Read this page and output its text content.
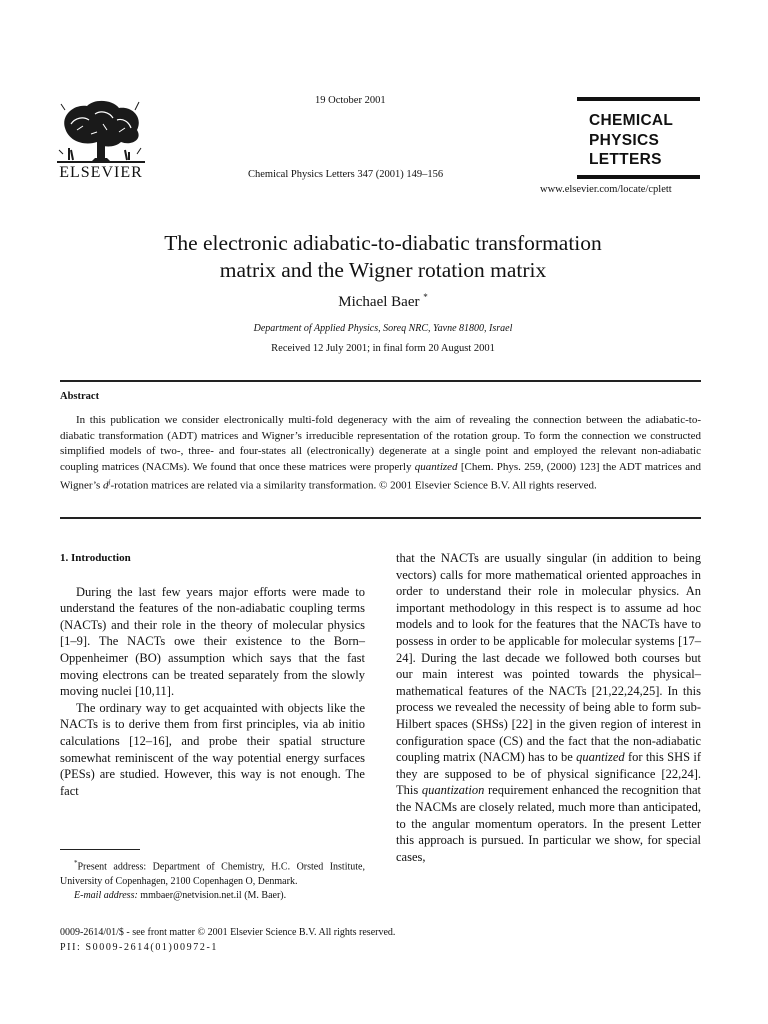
ELSEVIER
19 October 2001
Chemical Physics Letters 347 (2001) 149–156
CHEMICAL
PHYSICS
LETTERS
www.elsevier.com/locate/cplett
The electronic adiabatic-to-diabatic transformation
matrix and the Wigner rotation matrix
Michael Baer *
Department of Applied Physics, Soreq NRC, Yavne 81800, Israel
Received 12 July 2001; in final form 20 August 2001
Abstract
In this publication we consider electronically multi-fold degeneracy with the aim of revealing the connection between the adiabatic-to-diabatic transformation (ADT) matrices and Wigner’s irreducible representation of the rotation group. To form the connection we constructed simplified models of two-, three- and four-states all (electronically) degenerate at a single point and employed the relevant non-adiabatic coupling matrices (NACMs). We found that once these matrices were properly quantized [Chem. Phys. 259, (2000) 123] the ADT matrices and Wigner’s $d^j$-rotation matrices are related via a similarity transformation. © 2001 Elsevier Science B.V. All rights reserved.
1. Introduction

During the last few years major efforts were made to understand the features of the non-adiabatic coupling terms (NACTs) and their role in the theory of molecular physics [1–9]. The NACTs owe their existence to the Born–Oppenheimer (BO) assumption which says that the fast moving electrons can be treated separately from the slowly moving nuclei [10,11].

The ordinary way to get acquainted with objects like the NACTs is to derive them from first principles, via ab initio calculations [12–16], and probe their spatial structure somewhat reminiscent of the way potential energy surfaces (PESs) are studied. However, this way is not enough. The fact

that the NACTs are usually singular (in addition to being vectors) calls for more mathematical oriented approaches in order to understand their role in molecular physics. An important methodology in this respect is to assume ad hoc models and to look for the features that the NACTs have to possess in order to be applicable for molecular systems [17–24]. During the last decade we followed both courses but our main interest was pointed towards the physical–mathematical features of the NACTs [21,22,24,25]. In this process we revealed the necessity of being able to form sub-Hilbert spaces (SHSs) [22] in the given region of interest in configuration space (CS) and the fact that the non-adiabatic coupling matrix (NACM) has to be quantized for this SHS if they are supposed to be of physical significance [22,24]. This quantization requirement enhanced the recognition that the NACMs are closely related, much more than anticipated, to the angular momentum operators. In the present Letter this approach is pursued. In particular we show, for special cases,

*Present address: Department of Chemistry, H.C. Orsted Institute, University of Copenhagen, 2100 Copenhagen O, Denmark.

E-mail address: mmbaer@netvision.net.il (M. Baer).

0009-2614/01/$ - see front matter © 2001 Elsevier Science B.V. All rights reserved.
PII: S0009-2614(01)00972-1
